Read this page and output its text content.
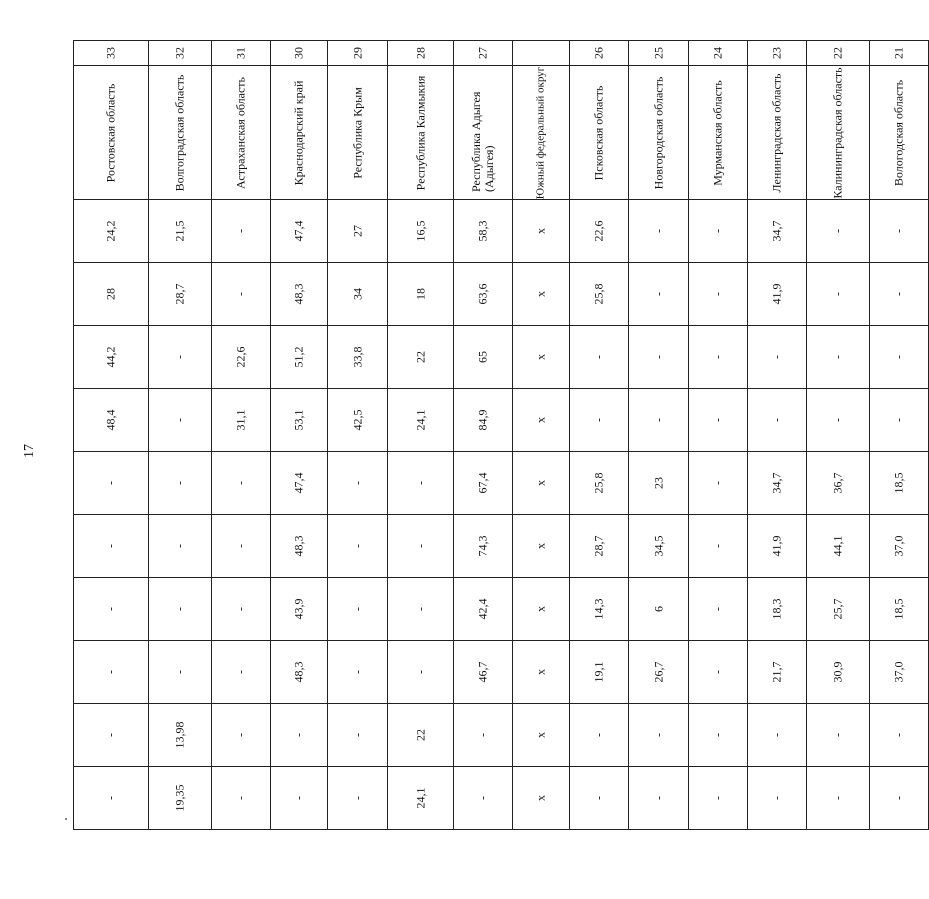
17
33	32	31	30	29	28	27		26	25	24	23	22	21

Ростовская область	Волгоградская область	Астраханская область	Краснодарский край	Республика Крым	Республика Калмыкия	Республика Адыгея (Адыгея)	Южный федеральный округ	Псковская область	Новгородская область	Мурманская область	Ленинградская область	Калининградская область	Вологодская область

24,2	21,5	-	47,4	27	16,5	58,3	x	22,6	-	-	34,7	-	-

28	28,7	-	48,3	34	18	63,6	x	25,8	-	-	41,9	-	-

44,2	-	22,6	51,2	33,8	22	65	x	-	-	-	-	-	-

48,4	-	31,1	53,1	42,5	24,1	84,9	x	-	-	-	-	-	-

-	-	-	47,4	-	-	67,4	x	25,8	23	-	34,7	36,7	18,5

-	-	-	48,3	-	-	74,3	x	28,7	34,5	-	41,9	44,1	37,0

-	-	-	43,9	-	-	42,4	x	14,3	6	-	18,3	25,7	18,5

-	-	-	48,3	-	-	46,7	x	19,1	26,7	-	21,7	30,9	37,0

-	13,98	-	-	-	22	-	x	-	-	-	-	-	-

-	19,35	-	-	-	24,1	-	x	-	-	-	-	-	-
